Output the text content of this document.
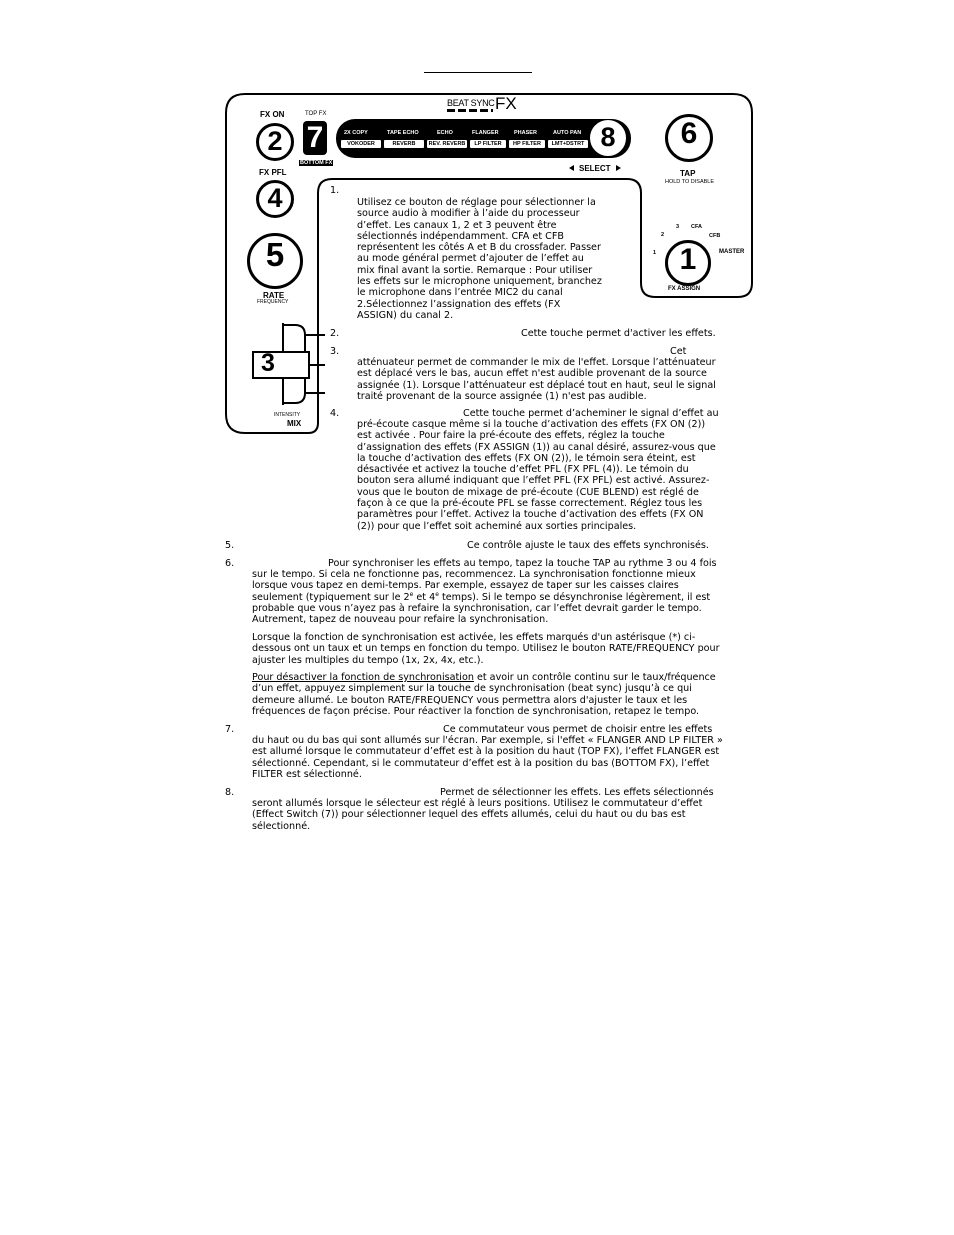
BEAT SYNC FX
FX ON
2
TOP FX
7
BOTTOM FX
2X COPY	TAPE ECHO	ECHO	FLANGER	PHASER	AUTO PAN
VOKODER	REVERB	REV. REVERB	LP FILTER	HP FILTER	LMT+DSTRT 8
SELECT
6
TAP
HOLD TO DISABLE
FX PFL
4
5
RATE
FREQUENCY
3
INTENSITY
MIX
3 CFA
2	CFB
1	MASTER
1
FX ASSIGN
1.
Utilisez ce bouton de réglage pour sélectionner la source audio à modifier à l’aide du processeur d’effet. Les canaux 1, 2 et 3 peuvent être sélectionnés indépendamment. CFA et CFB représentent les côtés A et B du crossfader. Passer au mode général permet d’ajouter de l’effet au mix final avant la sortie. Remarque : Pour utiliser les effets sur le microphone uniquement, branchez le microphone dans l’entrée MIC2 du canal 2.Sélectionnez l’assignation des effets (FX ASSIGN) du canal 2.
2.	Cette touche permet d'activer les effets.
3.	Cet
atténuateur permet de commander le mix de l'effet. Lorsque l’atténuateur est déplacé vers le bas, aucun effet n'est audible provenant de la source assignée (1). Lorsque l’atténuateur est déplacé tout en haut, seul le signal traité provenant de la source assignée (1) n'est pas audible.
4.	Cette touche permet d’acheminer le signal d’effet au
pré-écoute casque même si la touche d’activation des effets (FX ON (2)) est activée . Pour faire la pré-écoute des effets, réglez la touche d’assignation des effets (FX ASSIGN (1)) au canal désiré, assurez-vous que la touche d’activation des effets (FX ON (2)), le témoin sera éteint, est désactivée et activez la touche d’effet PFL (FX PFL (4)). Le témoin du bouton sera allumé indiquant que l’effet PFL (FX PFL) est activé. Assurez-vous que le bouton de mixage de pré-écoute (CUE BLEND) est réglé de façon à ce que la pré-écoute PFL se fasse correctement. Réglez tous les paramètres pour l’effet. Activez la touche d’activation des effets (FX ON (2)) pour que l’effet soit acheminé aux sorties principales.
5.	Ce contrôle ajuste le taux des effets synchronisés.
6.	Pour synchroniser les effets au tempo, tapez la touche TAP au rythme 3 ou 4 fois
sur le tempo. Si cela ne fonctionne pas, recommencez. La synchronisation fonctionne mieux lorsque vous tapez en demi-temps. Par exemple, essayez de taper sur les caisses claires
seulement (typiquement sur le 2e et 4e temps). Si le tempo se désynchronise légèrement, il est
probable que vous n’ayez pas à refaire la synchronisation, car l’effet devrait garder le tempo. Autrement, tapez de nouveau pour refaire la synchronisation.
Lorsque la fonction de synchronisation est activée, les effets marqués d'un astérisque (*) ci-dessous ont un taux et un temps en fonction du tempo. Utilisez le bouton RATE/FREQUENCY pour ajuster les multiples du tempo (1x, 2x, 4x, etc.).
Pour désactiver la fonction de synchronisation et avoir un contrôle continu sur le taux/fréquence d’un effet, appuyez simplement sur la touche de synchronisation (beat sync) jusqu’à ce qui demeure allumé. Le bouton RATE/FREQUENCY vous permettra alors d'ajuster le taux et les fréquences de façon précise. Pour réactiver la fonction de synchronisation, retapez le tempo.
7.	Ce commutateur vous permet de choisir entre les effets
du haut ou du bas qui sont allumés sur l'écran. Par exemple, si l'effet « FLANGER AND LP FILTER » est allumé lorsque le commutateur d’effet est à la position du haut (TOP FX), l’effet FLANGER est sélectionné. Cependant, si le commutateur d’effet est à la position du bas (BOTTOM FX), l’effet FILTER est sélectionné.
8.	Permet de sélectionner les effets. Les effets sélectionnés
seront allumés lorsque le sélecteur est réglé à leurs positions. Utilisez le commutateur d’effet (Effect Switch (7)) pour sélectionner lequel des effets allumés, celui du haut ou du bas est sélectionné.
